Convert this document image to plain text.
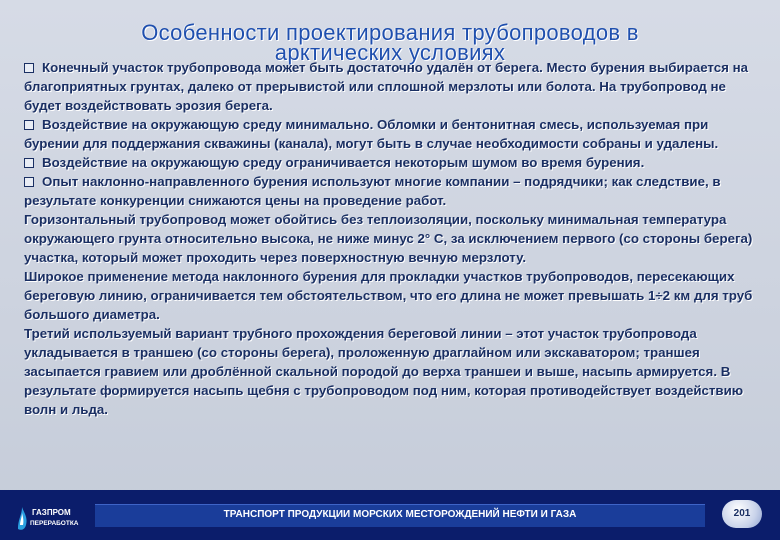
Особенности проектирования трубопроводов в
арктических условиях

Конечный участок трубопровода может быть достаточно удалён от берега. Место бурения выбирается на благоприятных грунтах, далеко от прерывистой или сплошной мерзлоты или болота. На трубопровод не будет воздействовать эрозия берега.

Воздействие на окружающую среду минимально. Обломки и бентонитная смесь, используемая при бурении для поддержания скважины (канала), могут быть в случае необходимости собраны и удалены.

Воздействие на окружающую среду ограничивается некоторым шумом во время бурения.

Опыт наклонно-направленного бурения используют многие компании – подрядчики; как следствие, в результате конкуренции снижаются цены на проведение работ.

Горизонтальный трубопровод может обойтись без теплоизоляции, поскольку минимальная температура окружающего грунта относительно высока, не ниже минус 2° С, за исключением первого (со стороны берега) участка, который может проходить через поверхностную вечную мерзлоту.

Широкое применение метода наклонного бурения для прокладки участков трубопроводов, пересекающих береговую линию, ограничивается тем обстоятельством, что его длина не может превышать 1÷2 км для труб большого диаметра.

Третий используемый вариант трубного прохождения береговой линии – этот участок трубопровода укладывается в траншею (со стороны берега), проложенную драглайном или экскаватором; траншея засыпается гравием или дроблённой скальной породой до верха траншеи и выше, насыпь армируется. В результате формируется насыпь щебня с трубопроводом под ним, которая противодействует воздействию волн и льда.

ТРАНСПОРТ ПРОДУКЦИИ МОРСКИХ МЕСТОРОЖДЕНИЙ НЕФТИ И ГАЗА
ГАЗПРОМ
ПЕРЕРАБОТКА
201
